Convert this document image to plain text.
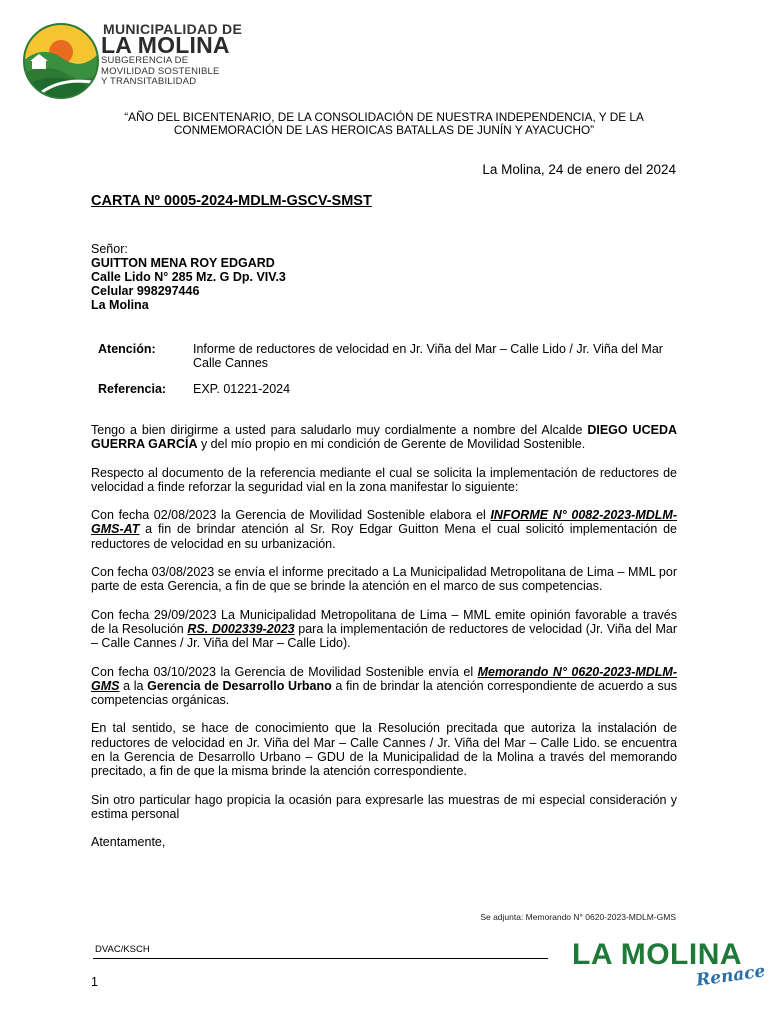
MUNICIPALIDAD DE
LA MOLINA
SUBGERENCIA DE
MOVILIDAD SOSTENIBLE
Y TRANSITABILIDAD
“AÑO DEL BICENTENARIO, DE LA CONSOLIDACIÓN DE NUESTRA INDEPENDENCIA, Y DE LA CONMEMORACIÓN DE LAS HEROICAS BATALLAS DE JUNÍN Y AYACUCHO”
La Molina, 24 de enero del 2024
CARTA Nº 0005-2024-MDLM-GSCV-SMST
Señor:
GUITTON MENA ROY EDGARD
Calle Lido N° 285 Mz. G Dp. VIV.3
Celular 998297446
La Molina
Atención:	Informe de reductores de velocidad en Jr. Viña del Mar – Calle Lido / Jr. Viña del Mar Calle Cannes
Referencia:	EXP. 01221-2024

Tengo a bien dirigirme a usted para saludarlo muy cordialmente a nombre del Alcalde DIEGO UCEDA GUERRA GARCÍA y del mío propio en mi condición de Gerente de Movilidad Sostenible.

Respecto al documento de la referencia mediante el cual se solicita la implementación de reductores de velocidad a finde reforzar la seguridad vial en la zona manifestar lo siguiente:

Con fecha 02/08/2023 la Gerencia de Movilidad Sostenible elabora el INFORME N° 0082-2023-MDLM-GMS-AT a fin de brindar atención al Sr. Roy Edgar Guitton Mena el cual solicitó implementación de reductores de velocidad en su urbanización.

Con fecha 03/08/2023 se envía el informe precitado a La Municipalidad Metropolitana de Lima – MML por parte de esta Gerencia, a fin de que se brinde la atención en el marco de sus competencias.

Con fecha 29/09/2023 La Municipalidad Metropolitana de Lima – MML emite opinión favorable a través de la Resolución RS. D002339-2023 para la implementación de reductores de velocidad (Jr. Viña del Mar – Calle Cannes / Jr. Viña del Mar – Calle Lido).

Con fecha 03/10/2023 la Gerencia de Movilidad Sostenible envía el Memorando N° 0620-2023-MDLM-GMS a la Gerencia de Desarrollo Urbano a fin de brindar la atención correspondiente de acuerdo a sus competencias orgánicas.

En tal sentido, se hace de conocimiento que la Resolución precitada que autoriza la instalación de reductores de velocidad en Jr. Viña del Mar – Calle Cannes / Jr. Viña del Mar – Calle Lido. se encuentra en la Gerencia de Desarrollo Urbano – GDU de la Municipalidad de la Molina a través del memorando precitado, a fin de que la misma brinde la atención correspondiente.

Sin otro particular hago propicia la ocasión para expresarle las muestras de mi especial consideración y estima personal

Atentamente,

Se adjunta: Memorando N° 0620-2023-MDLM-GMS
DVAC/KSCH
1
LA MOLINA
Renace
